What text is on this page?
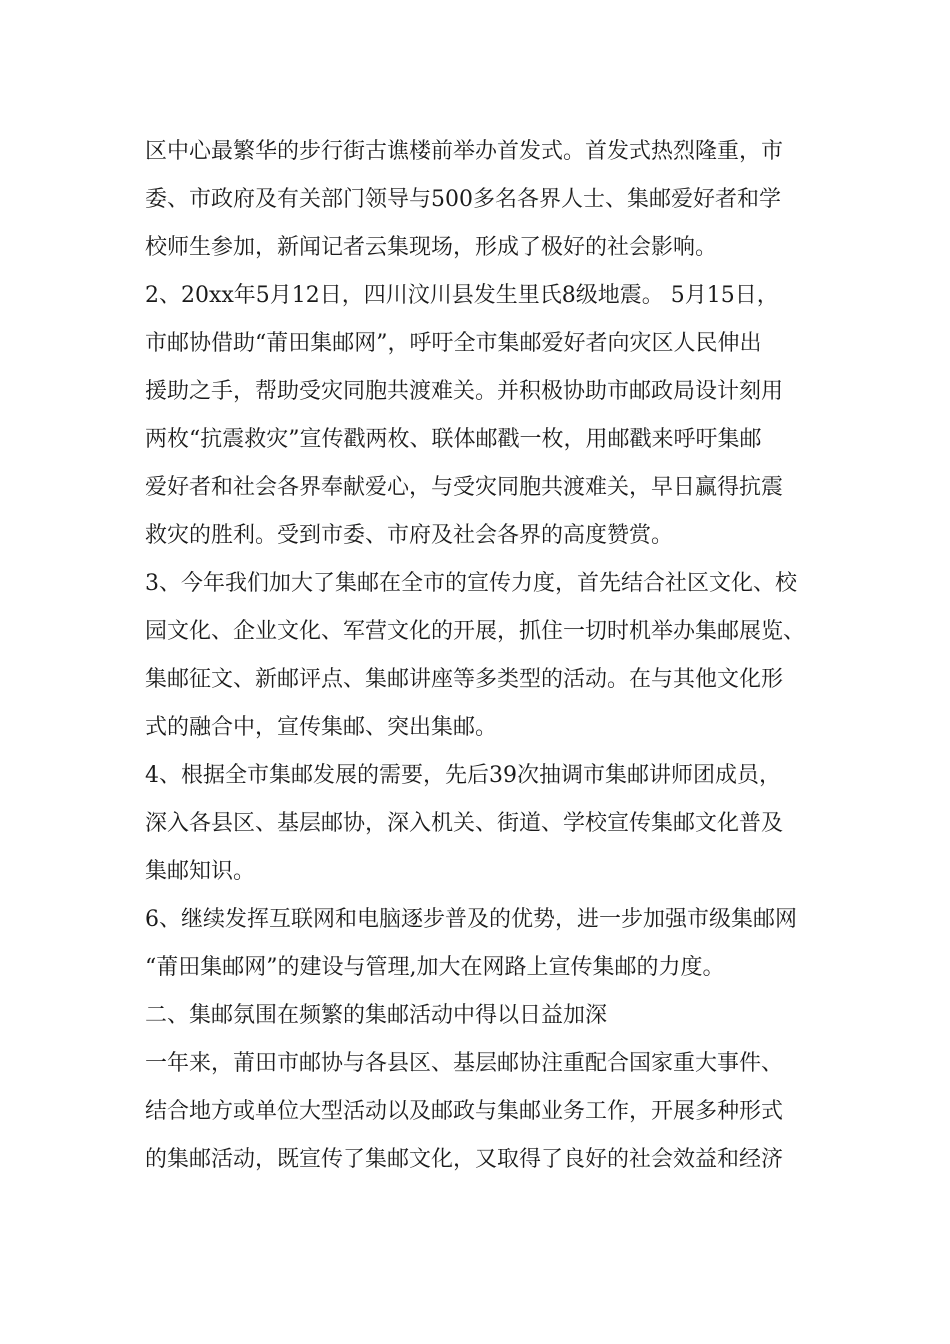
区中心最繁华的步行街古谯楼前举办首发式。首发式热烈隆重，市
委、市政府及有关部门领导与500多名各界人士、集邮爱好者和学
校师生参加，新闻记者云集现场，形成了极好的社会影响。
2、20xx年5月12日，四川汶川县发生里氏8级地震。 5月15日，
市邮协借助“莆田集邮网”，呼吁全市集邮爱好者向灾区人民伸出
援助之手，帮助受灾同胞共渡难关。并积极协助市邮政局设计刻用
两枚“抗震救灾”宣传戳两枚、联体邮戳一枚，用邮戳来呼吁集邮
爱好者和社会各界奉献爱心，与受灾同胞共渡难关，早日赢得抗震
救灾的胜利。受到市委、市府及社会各界的高度赞赏。
3、今年我们加大了集邮在全市的宣传力度，首先结合社区文化、校
园文化、企业文化、军营文化的开展，抓住一切时机举办集邮展览、
集邮征文、新邮评点、集邮讲座等多类型的活动。在与其他文化形
式的融合中，宣传集邮、突出集邮。
4、根据全市集邮发展的需要，先后39次抽调市集邮讲师团成员，
深入各县区、基层邮协，深入机关、街道、学校宣传集邮文化普及
集邮知识。
6、继续发挥互联网和电脑逐步普及的优势，进一步加强市级集邮网
“莆田集邮网”的建设与管理,加大在网路上宣传集邮的力度。
二、集邮氛围在频繁的集邮活动中得以日益加深
一年来，莆田市邮协与各县区、基层邮协注重配合国家重大事件、
结合地方或单位大型活动以及邮政与集邮业务工作，开展多种形式
的集邮活动，既宣传了集邮文化，又取得了良好的社会效益和经济
